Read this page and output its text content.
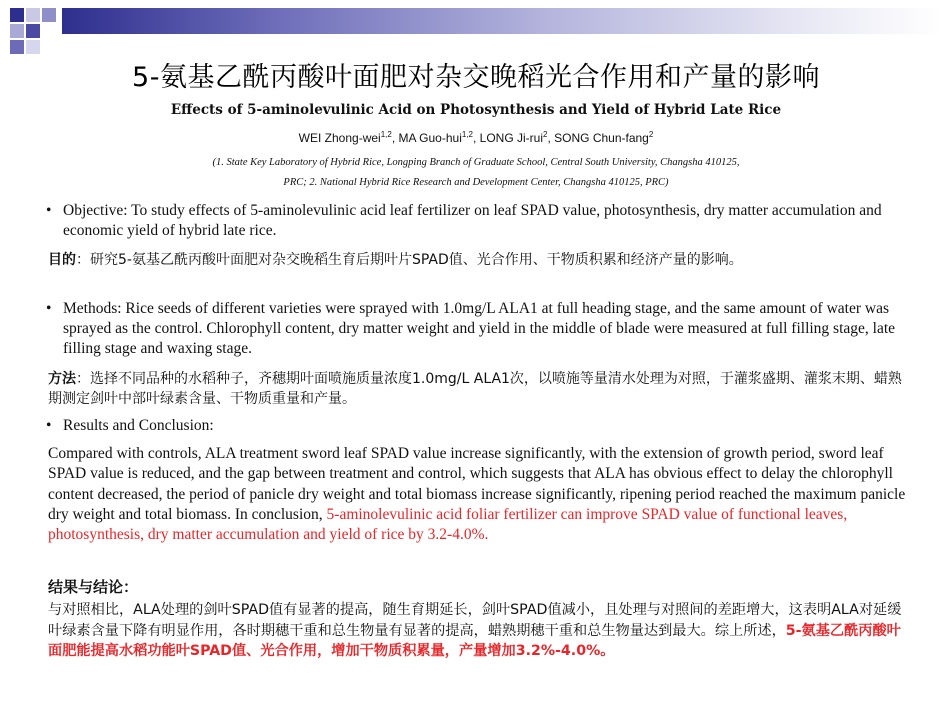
5-氨基乙酰丙酸叶面肥对杂交晚稻光合作用和产量的影响
Effects of 5-aminolevulinic Acid on Photosynthesis and Yield of Hybrid Late Rice
WEI Zhong-wei$^{1,2}$, MA Guo-hui$^{1,2}$, LONG Ji-rui$^2$, SONG Chun-fang$^2$
(1. State Key Laboratory of Hybrid Rice, Longping Branch of Graduate School, Central South University, Changsha 410125,
PRC; 2. National Hybrid Rice Research and Development Center, Changsha 410125, PRC)
• Objective: To study effects of 5-aminolevulinic acid leaf fertilizer on leaf SPAD value, photosynthesis, dry matter accumulation and economic yield of hybrid late rice.
目的：研究5-氨基乙酰丙酸叶面肥对杂交晚稻生育后期叶片SPAD值、光合作用、干物质积累和经济产量的影响。
• Methods: Rice seeds of different varieties were sprayed with 1.0mg/L ALA1 at full heading stage, and the same amount of water was sprayed as the control. Chlorophyll content, dry matter weight and yield in the middle of blade were measured at full filling stage, late filling stage and waxing stage.
方法：选择不同品种的水稻种子，齐穗期叶面喷施质量浓度1.0mg/L ALA1次，以喷施等量清水处理为对照，于灌浆盛期、灌浆末期、蜡熟期测定剑叶中部叶绿素含量、干物质重量和产量。
• Results and Conclusion:
Compared with controls, ALA treatment sword leaf SPAD value increase significantly, with the extension of growth period, sword leaf SPAD value is reduced, and the gap between treatment and control, which suggests that ALA has obvious effect to delay the chlorophyll content decreased, the period of panicle dry weight and total biomass increase significantly, ripening period reached the maximum panicle dry weight and total biomass. In conclusion, 5-aminolevulinic acid foliar fertilizer can improve SPAD value of functional leaves, photosynthesis, dry matter accumulation and yield of rice by 3.2-4.0%.
结果与结论：
与对照相比，ALA处理的剑叶SPAD值有显著的提高，随生育期延长，剑叶SPAD值减小，且处理与对照间的差距增大，这表明ALA对延缓叶绿素含量下降有明显作用，各时期穗干重和总生物量有显著的提高，蜡熟期穗干重和总生物量达到最大。综上所述，5-氨基乙酰丙酸叶面肥能提高水稻功能叶SPAD值、光合作用，增加干物质积累量，产量增加3.2%-4.0%。
